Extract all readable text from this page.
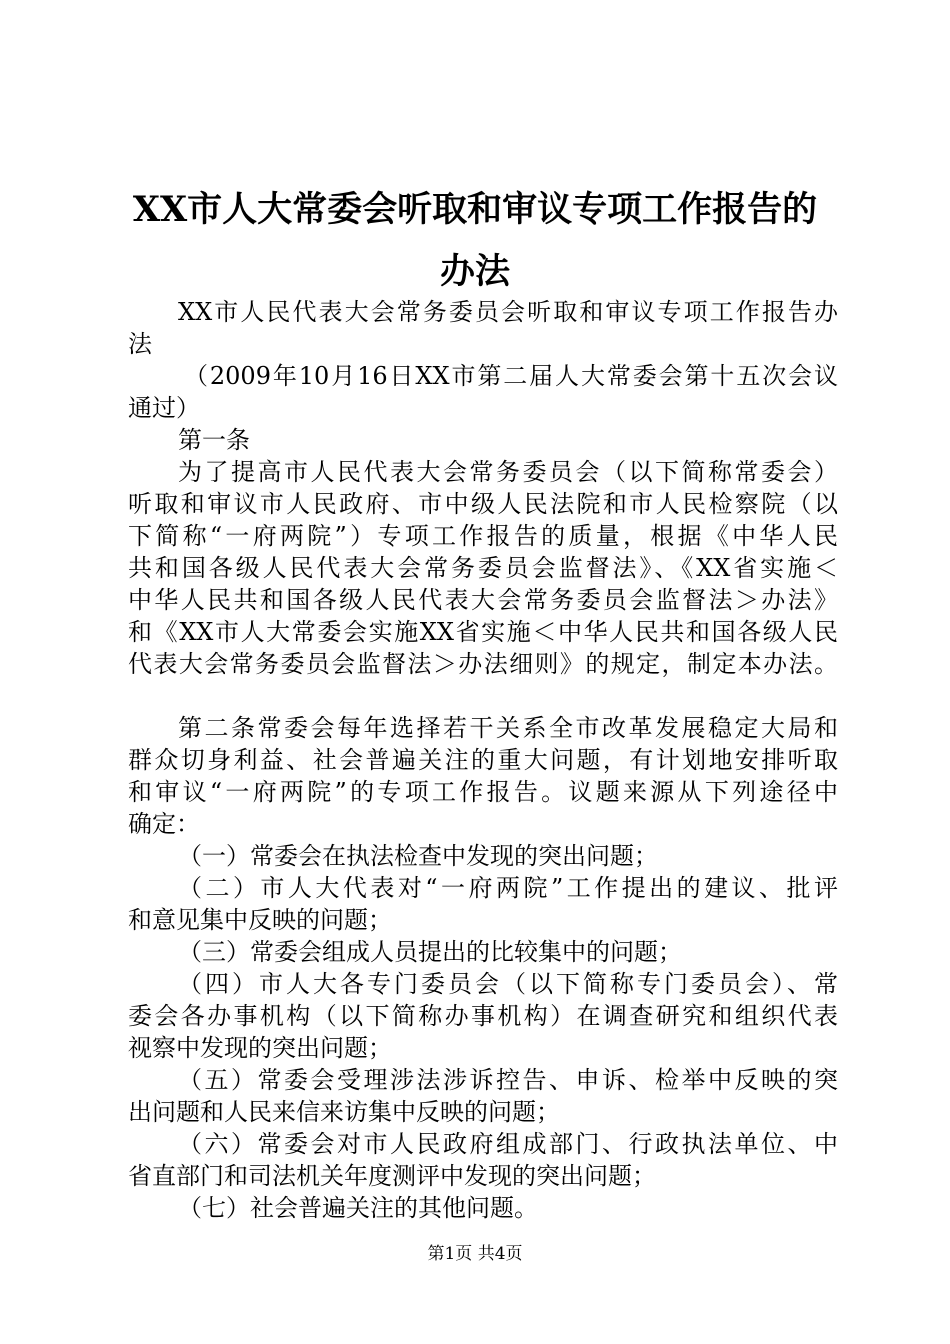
XX市人大常委会听取和审议专项工作报告的
办法

XX市人民代表大会常务委员会听取和审议专项工作报告办

法

（2009年10月16日XX市第二届人大常委会第十五次会议

通过）

第一条

为了提高市人民代表大会常务委员会（以下简称常委会）

听取和审议市人民政府、市中级人民法院和市人民检察院（以

下简称“一府两院”）专项工作报告的质量，根据《中华人民

共和国各级人民代表大会常务委员会监督法》、《XX省实施＜

中华人民共和国各级人民代表大会常务委员会监督法＞办法》

和《XX市人大常委会实施XX省实施＜中华人民共和国各级人民

代表大会常务委员会监督法＞办法细则》的规定，制定本办法。

第二条常委会每年选择若干关系全市改革发展稳定大局和

群众切身利益、社会普遍关注的重大问题，有计划地安排听取

和审议“一府两院”的专项工作报告。议题来源从下列途径中

确定：

（一）常委会在执法检查中发现的突出问题；

（二）市人大代表对“一府两院”工作提出的建议、批评

和意见集中反映的问题；

（三）常委会组成人员提出的比较集中的问题；

（四）市人大各专门委员会（以下简称专门委员会）、常

委会各办事机构（以下简称办事机构）在调查研究和组织代表

视察中发现的突出问题；

（五）常委会受理涉法涉诉控告、申诉、检举中反映的突

出问题和人民来信来访集中反映的问题；

（六）常委会对市人民政府组成部门、行政执法单位、中

省直部门和司法机关年度测评中发现的突出问题；

（七）社会普遍关注的其他问题。

第1页 共4页
